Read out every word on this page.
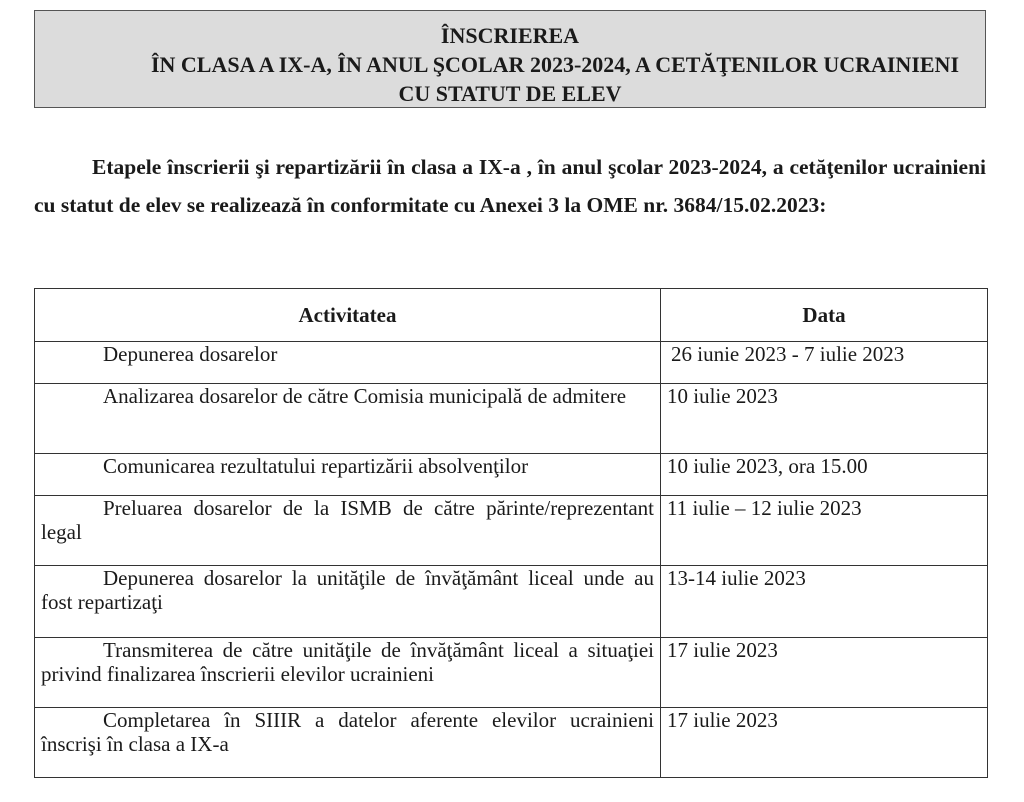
ÎNSCRIEREA
ÎN CLASA A IX-A, ÎN ANUL ŞCOLAR 2023-2024, A CETĂŢENILOR UCRAINIENI
CU STATUT DE ELEV

Etapele înscrierii şi repartizării în clasa a IX-a , în anul şcolar 2023-2024, a cetăţenilor ucrainieni cu statut de elev se realizează în conformitate cu Anexei 3 la OME nr. 3684/15.02.2023:

Activitatea	Data
Depunerea dosarelor	26 iunie 2023 - 7 iulie 2023
Analizarea dosarelor de către Comisia municipală de admitere	10 iulie 2023
Comunicarea rezultatului repartizării absolvenţilor	10 iulie 2023, ora 15.00
Preluarea dosarelor de la ISMB de către părinte/reprezentant legal	11 iulie – 12 iulie 2023
Depunerea dosarelor la unităţile de învăţământ liceal unde au fost repartizaţi	13-14 iulie 2023
Transmiterea de către unităţile de învăţământ liceal a situaţiei privind finalizarea înscrierii elevilor ucrainieni	17 iulie 2023
Completarea în SIIIR a datelor aferente elevilor ucrainieni înscrişi în clasa a IX-a	17 iulie 2023
